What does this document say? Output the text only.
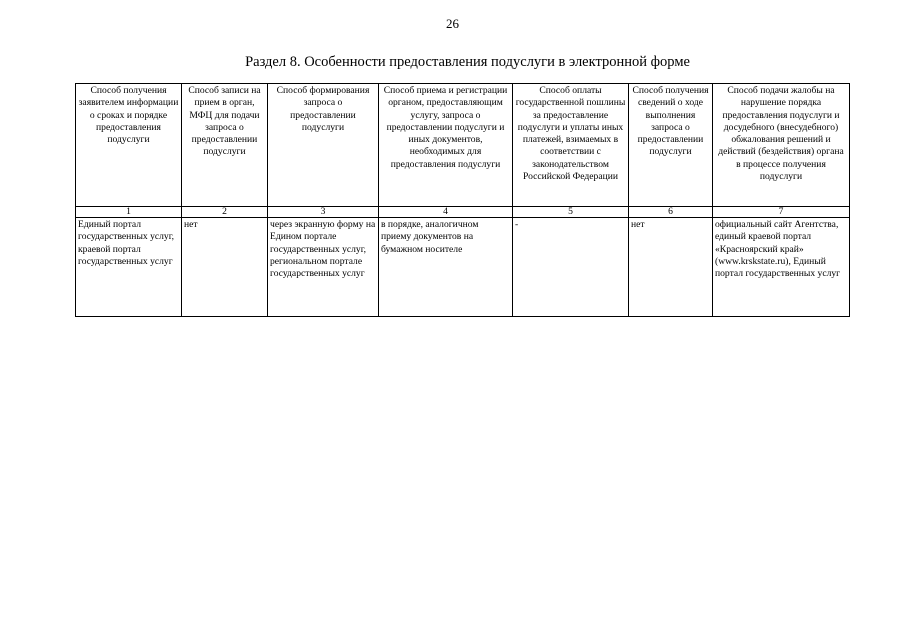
26
Раздел 8. Особенности предоставления подуслуги в электронной форме
Способ получения заявителем информации о сроках и порядке предоставления подуслуги	Способ записи на прием в орган, МФЦ для подачи запроса о предоставлении подуслуги	Способ формирования запроса о предоставлении подуслуги	Способ приема и регистрации органом, предоставляющим услугу, запроса о предоставлении подуслуги и иных документов, необходимых для предоставления подуслуги	Способ оплаты государственной пошлины за предоставление подуслуги и уплаты иных платежей, взимаемых в соответствии с законодательством Российской Федерации	Способ получения сведений о ходе выполнения запроса о предоставлении подуслуги	Способ подачи жалобы на нарушение порядка предоставления подуслуги и досудебного (внесудебного) обжалования решений и действий (бездействия) органа в процессе получения подуслуги
1	2	3	4	5	6	7
Единый портал государственных услуг, краевой портал государственных услуг	нет	через экранную форму на Едином портале государственных услуг, региональном портале государственных услуг	в порядке, аналогичном приему документов на бумажном носителе	-	нет	официальный сайт Агентства, единый краевой портал «Красноярский край» (www.krskstate.ru), Единый портал государственных услуг
